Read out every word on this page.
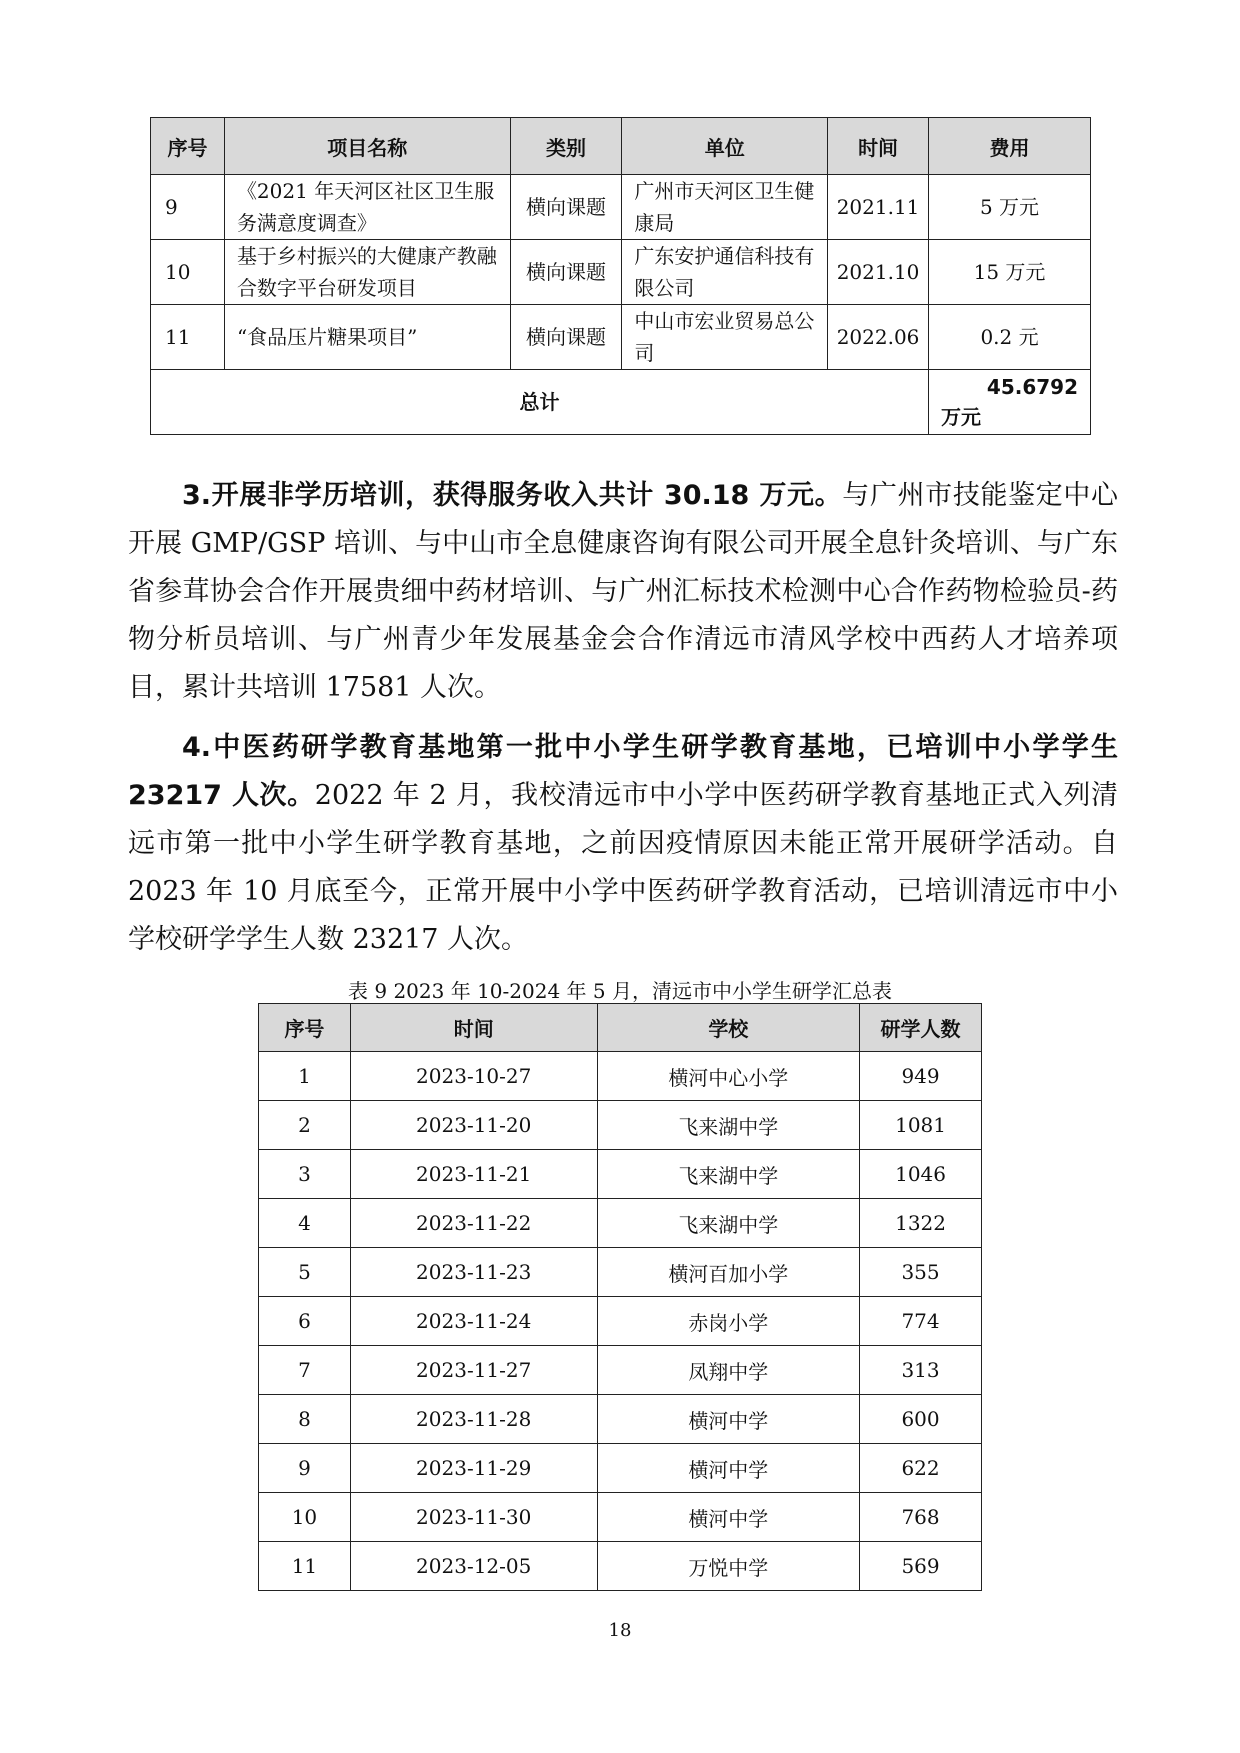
序号	项目名称	类别	单位	时间	费用
9	《2021 年天河区社区卫生服务满意度调查》	横向课题	广州市天河区卫生健康局	2021.11	5 万元
10	基于乡村振兴的大健康产教融合数字平台研发项目	横向课题	广东安护通信科技有限公司	2021.10	15 万元
11	“食品压片糖果项目”	横向课题	中山市宏业贸易总公司	2022.06	0.2 元
总计					45.6792
万元

3.开展非学历培训，获得服务收入共计 30.18 万元。与广州市技能鉴定中心开展 GMP/GSP 培训、与中山市全息健康咨询有限公司开展全息针灸培训、与广东省参茸协会合作开展贵细中药材培训、与广州汇标技术检测中心合作药物检验员-药物分析员培训、与广州青少年发展基金会合作清远市清风学校中西药人才培养项目，累计共培训 17581 人次。

4.中医药研学教育基地第一批中小学生研学教育基地，已培训中小学学生 23217 人次。2022 年 2 月，我校清远市中小学中医药研学教育基地正式入列清远市第一批中小学生研学教育基地，之前因疫情原因未能正常开展研学活动。自 2023 年 10 月底至今，正常开展中小学中医药研学教育活动，已培训清远市中小学校研学学生人数 23217 人次。

表 9 2023 年 10-2024 年 5 月，清远市中小学生研学汇总表
序号	时间	学校	研学人数
1	2023-10-27	横河中心小学	949
2	2023-11-20	飞来湖中学	1081
3	2023-11-21	飞来湖中学	1046
4	2023-11-22	飞来湖中学	1322
5	2023-11-23	横河百加小学	355
6	2023-11-24	赤岗小学	774
7	2023-11-27	凤翔中学	313
8	2023-11-28	横河中学	600
9	2023-11-29	横河中学	622
10	2023-11-30	横河中学	768
11	2023-12-05	万悦中学	569
18
